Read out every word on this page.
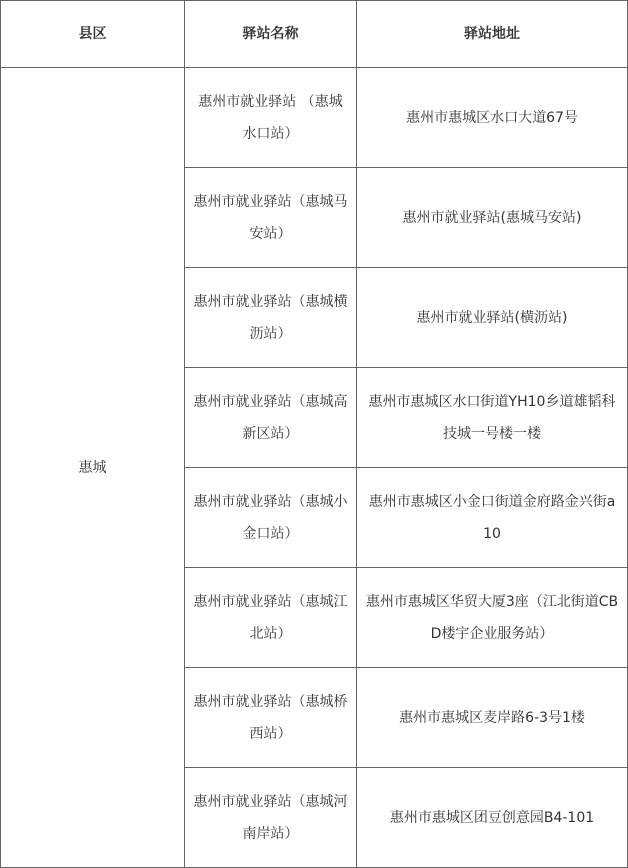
县区	驿站名称	驿站地址
惠城	惠州市就业驿站 （惠城水口站）	惠州市惠城区水口大道67号
	惠州市就业驿站（惠城马安站）	惠州市就业驿站(惠城马安站)
	惠州市就业驿站（惠城横沥站）	惠州市就业驿站(横沥站)
	惠州市就业驿站（惠城高新区站）	惠州市惠城区水口街道YH10乡道雄韬科技城一号楼一楼
	惠州市就业驿站（惠城小金口站）	惠州市惠城区小金口街道金府路金兴街a10
	惠州市就业驿站（惠城江北站）	惠州市惠城区华贸大厦3座（江北街道CBD楼宇企业服务站）
	惠州市就业驿站（惠城桥西站）	惠州市惠城区麦岸路6-3号1楼
	惠州市就业驿站（惠城河南岸站）	惠州市惠城区团豆创意园B4-101
